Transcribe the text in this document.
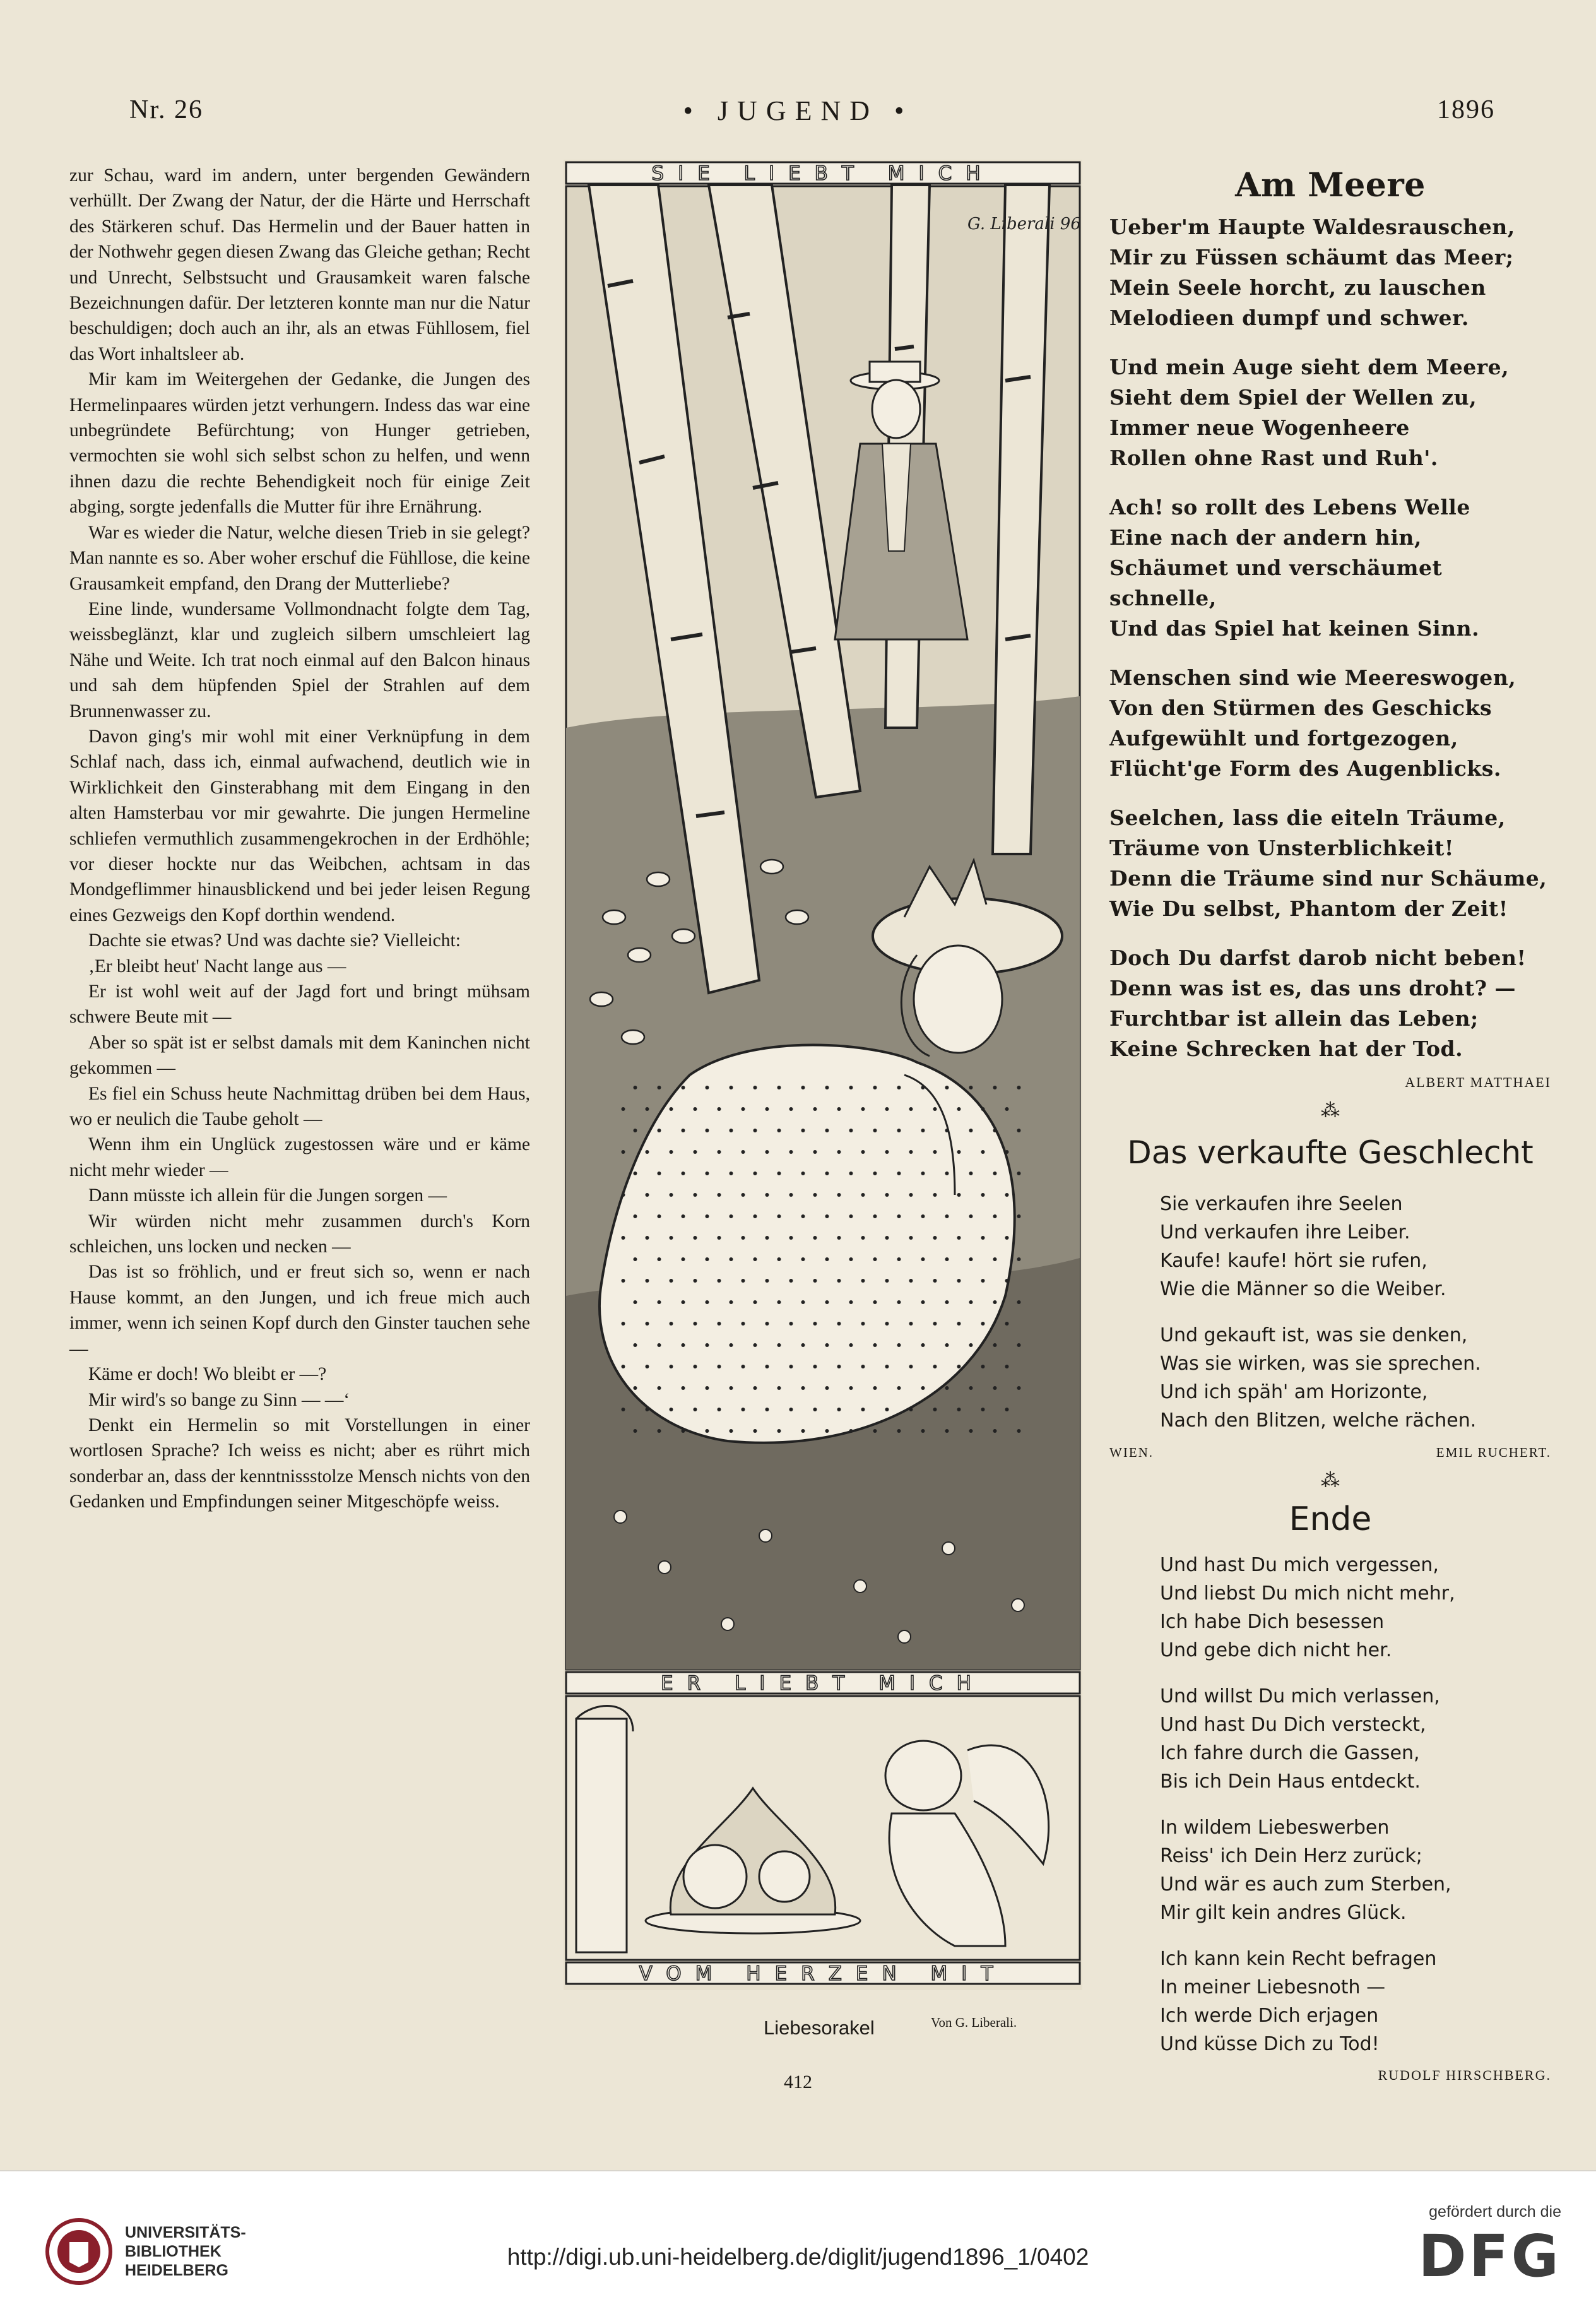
Nr. 26	• JUGEND •	1896

zur Schau, ward im andern, unter bergenden Gewändern verhüllt. Der Zwang der Natur, der die Härte und Herrschaft des Stärkeren schuf. Das Hermelin und der Bauer hatten in der Nothwehr gegen diesen Zwang das Gleiche gethan; Recht und Unrecht, Selbstsucht und Grausamkeit waren falsche Bezeichnungen dafür. Der letzteren konnte man nur die Natur beschuldigen; doch auch an ihr, als an etwas Fühllosem, fiel das Wort inhaltsleer ab.

Mir kam im Weitergehen der Gedanke, die Jungen des Hermelinpaares würden jetzt verhungern. Indess das war eine unbegründete Befürchtung; von Hunger getrieben, vermochten sie wohl sich selbst schon zu helfen, und wenn ihnen dazu die rechte Behendigkeit noch für einige Zeit abging, sorgte jedenfalls die Mutter für ihre Ernährung.

War es wieder die Natur, welche diesen Trieb in sie gelegt? Man nannte es so. Aber woher erschuf die Fühllose, die keine Grausamkeit empfand, den Drang der Mutterliebe?

Eine linde, wundersame Vollmondnacht folgte dem Tag, weissbeglänzt, klar und zugleich silbern umschleiert lag Nähe und Weite. Ich trat noch einmal auf den Balcon hinaus und sah dem hüpfenden Spiel der Strahlen auf dem Brunnenwasser zu.

Davon ging's mir wohl mit einer Verknüpfung in dem Schlaf nach, dass ich, einmal aufwachend, deutlich wie in Wirklichkeit den Ginsterabhang mit dem Eingang in den alten Hamsterbau vor mir gewahrte. Die jungen Hermeline schliefen vermuthlich zusammengekrochen in der Erdhöhle; vor dieser hockte nur das Weibchen, achtsam in das Mondgeflimmer hinausblickend und bei jeder leisen Regung eines Gezweigs den Kopf dorthin wendend.

Dachte sie etwas? Und was dachte sie? Vielleicht:

‚Er bleibt heut' Nacht lange aus —

Er ist wohl weit auf der Jagd fort und bringt mühsam schwere Beute mit —

Aber so spät ist er selbst damals mit dem Kaninchen nicht gekommen —

Es fiel ein Schuss heute Nachmittag drüben bei dem Haus, wo er neulich die Taube geholt —

Wenn ihm ein Unglück zugestossen wäre und er käme nicht mehr wieder —

Dann müsste ich allein für die Jungen sorgen —

Wir würden nicht mehr zusammen durch's Korn schleichen, uns locken und necken —

Das ist so fröhlich, und er freut sich so, wenn er nach Hause kommt, an den Jungen, und ich freue mich auch immer, wenn ich seinen Kopf durch den Ginster tauchen sehe —

Käme er doch! Wo bleibt er —?

Mir wird's so bange zu Sinn — —‘

Denkt ein Hermelin so mit Vorstellungen in einer wortlosen Sprache? Ich weiss es nicht; aber es rührt mich sonderbar an, dass der kenntnissstolze Mensch nichts von den Gedanken und Empfindungen seiner Mitgeschöpfe weiss.

SIE LIEBT MICH
G. Liberali 96
ER LIEBT MICH
VOM HERZEN MIT
Liebesorakel	Von G. Liberali.
Am Meere
Ueber'm Haupte Waldesrauschen,
Mir zu Füssen schäumt das Meer;
Mein Seele horcht, zu lauschen
Melodieen dumpf und schwer.
Und mein Auge sieht dem Meere,
Sieht dem Spiel der Wellen zu,
Immer neue Wogenheere
Rollen ohne Rast und Ruh'.
Ach! so rollt des Lebens Welle
Eine nach der andern hin,
Schäumet und verschäumet schnelle,
Und das Spiel hat keinen Sinn.
Menschen sind wie Meereswogen,
Von den Stürmen des Geschicks
Aufgewühlt und fortgezogen,
Flücht'ge Form des Augenblicks.
Seelchen, lass die eiteln Träume,
Träume von Unsterblichkeit!
Denn die Träume sind nur Schäume,
Wie Du selbst, Phantom der Zeit!
Doch Du darfst darob nicht beben!
Denn was ist es, das uns droht? —
Furchtbar ist allein das Leben;
Keine Schrecken hat der Tod.
ALBERT MATTHAEI
⁂
Das verkaufte Geschlecht
Sie verkaufen ihre Seelen
Und verkaufen ihre Leiber.
Kaufe! kaufe! hört sie rufen,
Wie die Männer so die Weiber.
Und gekauft ist, was sie denken,
Was sie wirken, was sie sprechen.
Und ich späh' am Horizonte,
Nach den Blitzen, welche rächen.
WIEN.	EMIL RUCHERT.
⁂
Ende
Und hast Du mich vergessen,
Und liebst Du mich nicht mehr,
Ich habe Dich besessen
Und gebe dich nicht her.
Und willst Du mich verlassen,
Und hast Du Dich versteckt,
Ich fahre durch die Gassen,
Bis ich Dein Haus entdeckt.
In wildem Liebeswerben
Reiss' ich Dein Herz zurück;
Und wär es auch zum Sterben,
Mir gilt kein andres Glück.
Ich kann kein Recht befragen
In meiner Liebesnoth —
Ich werde Dich erjagen
Und küsse Dich zu Tod!
RUDOLF HIRSCHBERG.
412
UNIVERSITÄTS-
BIBLIOTHEK
HEIDELBERG
http://digi.ub.uni-heidelberg.de/diglit/jugend1896_1/0402
gefördert durch die
DFG
